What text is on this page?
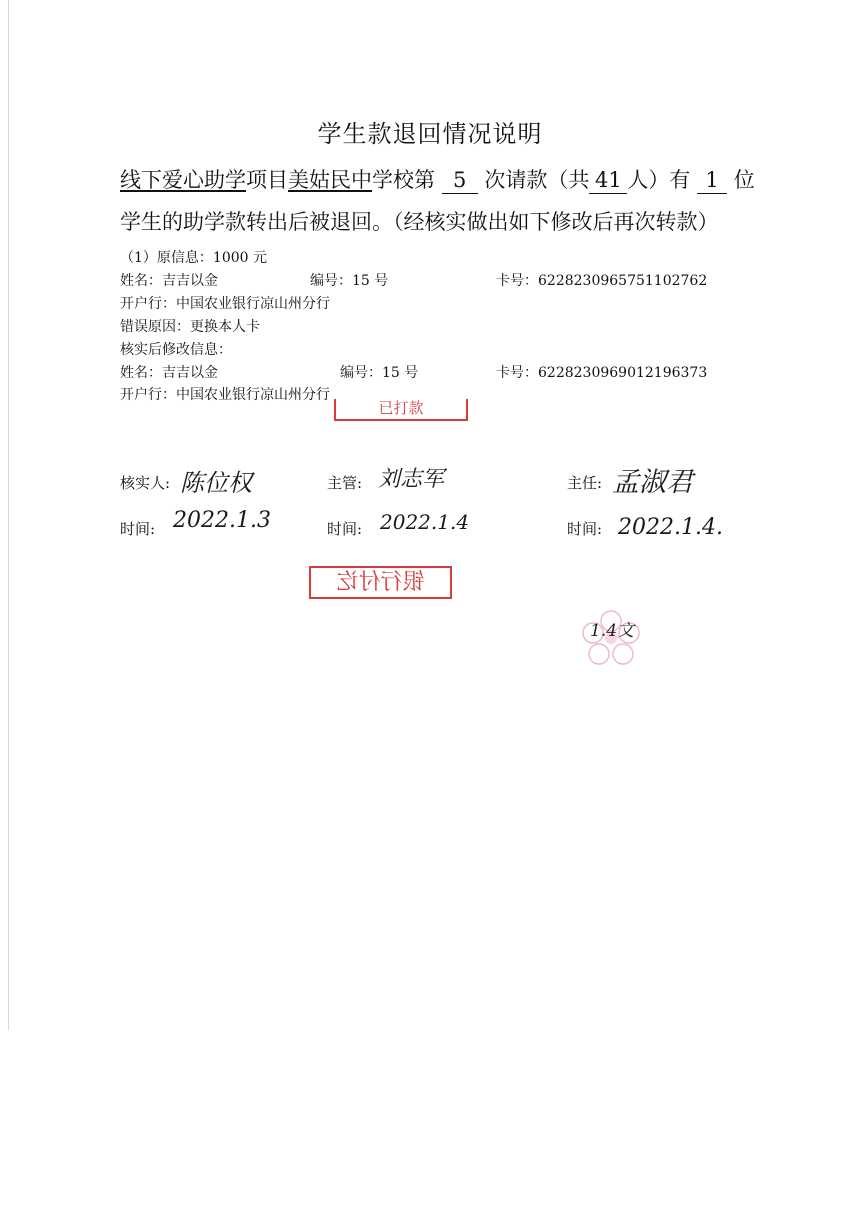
学生款退回情况说明
线下爱心助学项目美姑民中学校第 5 次请款（共 41 人）有 1 位
学生的助学款转出后被退回。（经核实做出如下修改后再次转款）
（1）原信息：1000 元
姓名：吉吉以金	编号：15 号	卡号：6228230965751102762
开户行：中国农业银行凉山州分行
错误原因：更换本人卡
核实后修改信息：
姓名：吉吉以金	编号：15 号	卡号：6228230969012196373
开户行：中国农业银行凉山州分行
已打款
核实人: 陈位权	主管: 刘志军	主任: 孟淑君
时间: 2022.1.3	时间: 2022.1.4	时间: 2022.1.4.
银行付讫
1.4文
